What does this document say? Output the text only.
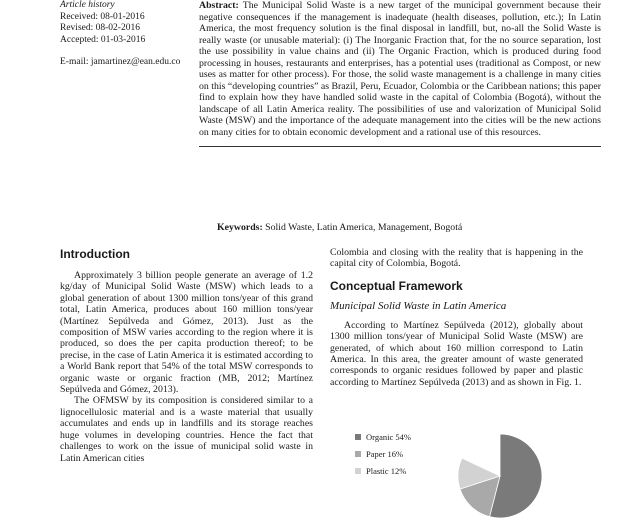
Article history
Received: 08-01-2016
Revised: 08-02-2016
Accepted: 01-03-2016
E-mail: jamartinez@ean.edu.co
Abstract: The Municipal Solid Waste is a new target of the municipal government because their negative consequences if the management is inadequate (health diseases, pollution, etc.); In Latin America, the most frequency solution is the final disposal in landfill, but, no-all the Solid Waste is really waste (or unusable material): (i) The Inorganic Fraction that, for the no source separation, lost the use possibility in value chains and (ii) The Organic Fraction, which is produced during food processing in houses, restaurants and enterprises, has a potential uses (traditional as Compost, or new uses as matter for other process). For those, the solid waste management is a challenge in many cities on this “developing countries” as Brazil, Peru, Ecuador, Colombia or the Caribbean nations; this paper find to explain how they have handled solid waste in the capital of Colombia (Bogotá), without the landscape of all Latin America reality. The possibilities of use and valorization of Municipal Solid Waste (MSW) and the importance of the adequate management into the cities will be the new actions on many cities for to obtain economic development and a rational use of this resources.
Keywords: Solid Waste, Latin America, Management, Bogotá
Introduction

Approximately 3 billion people generate an average of 1.2 kg/day of Municipal Solid Waste (MSW) which leads to a global generation of about 1300 million tons/year of this grand total, Latin America, produces about 160 million tons/year (Martínez Sepúlveda and Gómez, 2013). Just as the composition of MSW varies according to the region where it is produced, so does the per capita production thereof; to be precise, in the case of Latin America it is estimated according to a World Bank report that 54% of the total MSW corresponds to organic waste or organic fraction (MB, 2012; Martínez Sepúlveda and Gómez, 2013).

The OFMSW by its composition is considered similar to a lignocellulosic material and is a waste material that usually accumulates and ends up in landfills and its storage reaches huge volumes in developing countries. Hence the fact that challenges to work on the issue of municipal solid waste in Latin American cities

Colombia and closing with the reality that is happening in the capital city of Colombia, Bogotá.

Conceptual Framework
Municipal Solid Waste in Latin America

According to Martínez Sepúlveda (2012), globally about 1300 million tons/year of Municipal Solid Waste (MSW) are generated, of which about 160 million correspond to Latin America. In this area, the greater amount of waste generated corresponds to organic residues followed by paper and plastic according to Martínez Sepúlveda (2013) and as shown in Fig. 1.

Organic 54%
Paper 16%
Plastic 12%
